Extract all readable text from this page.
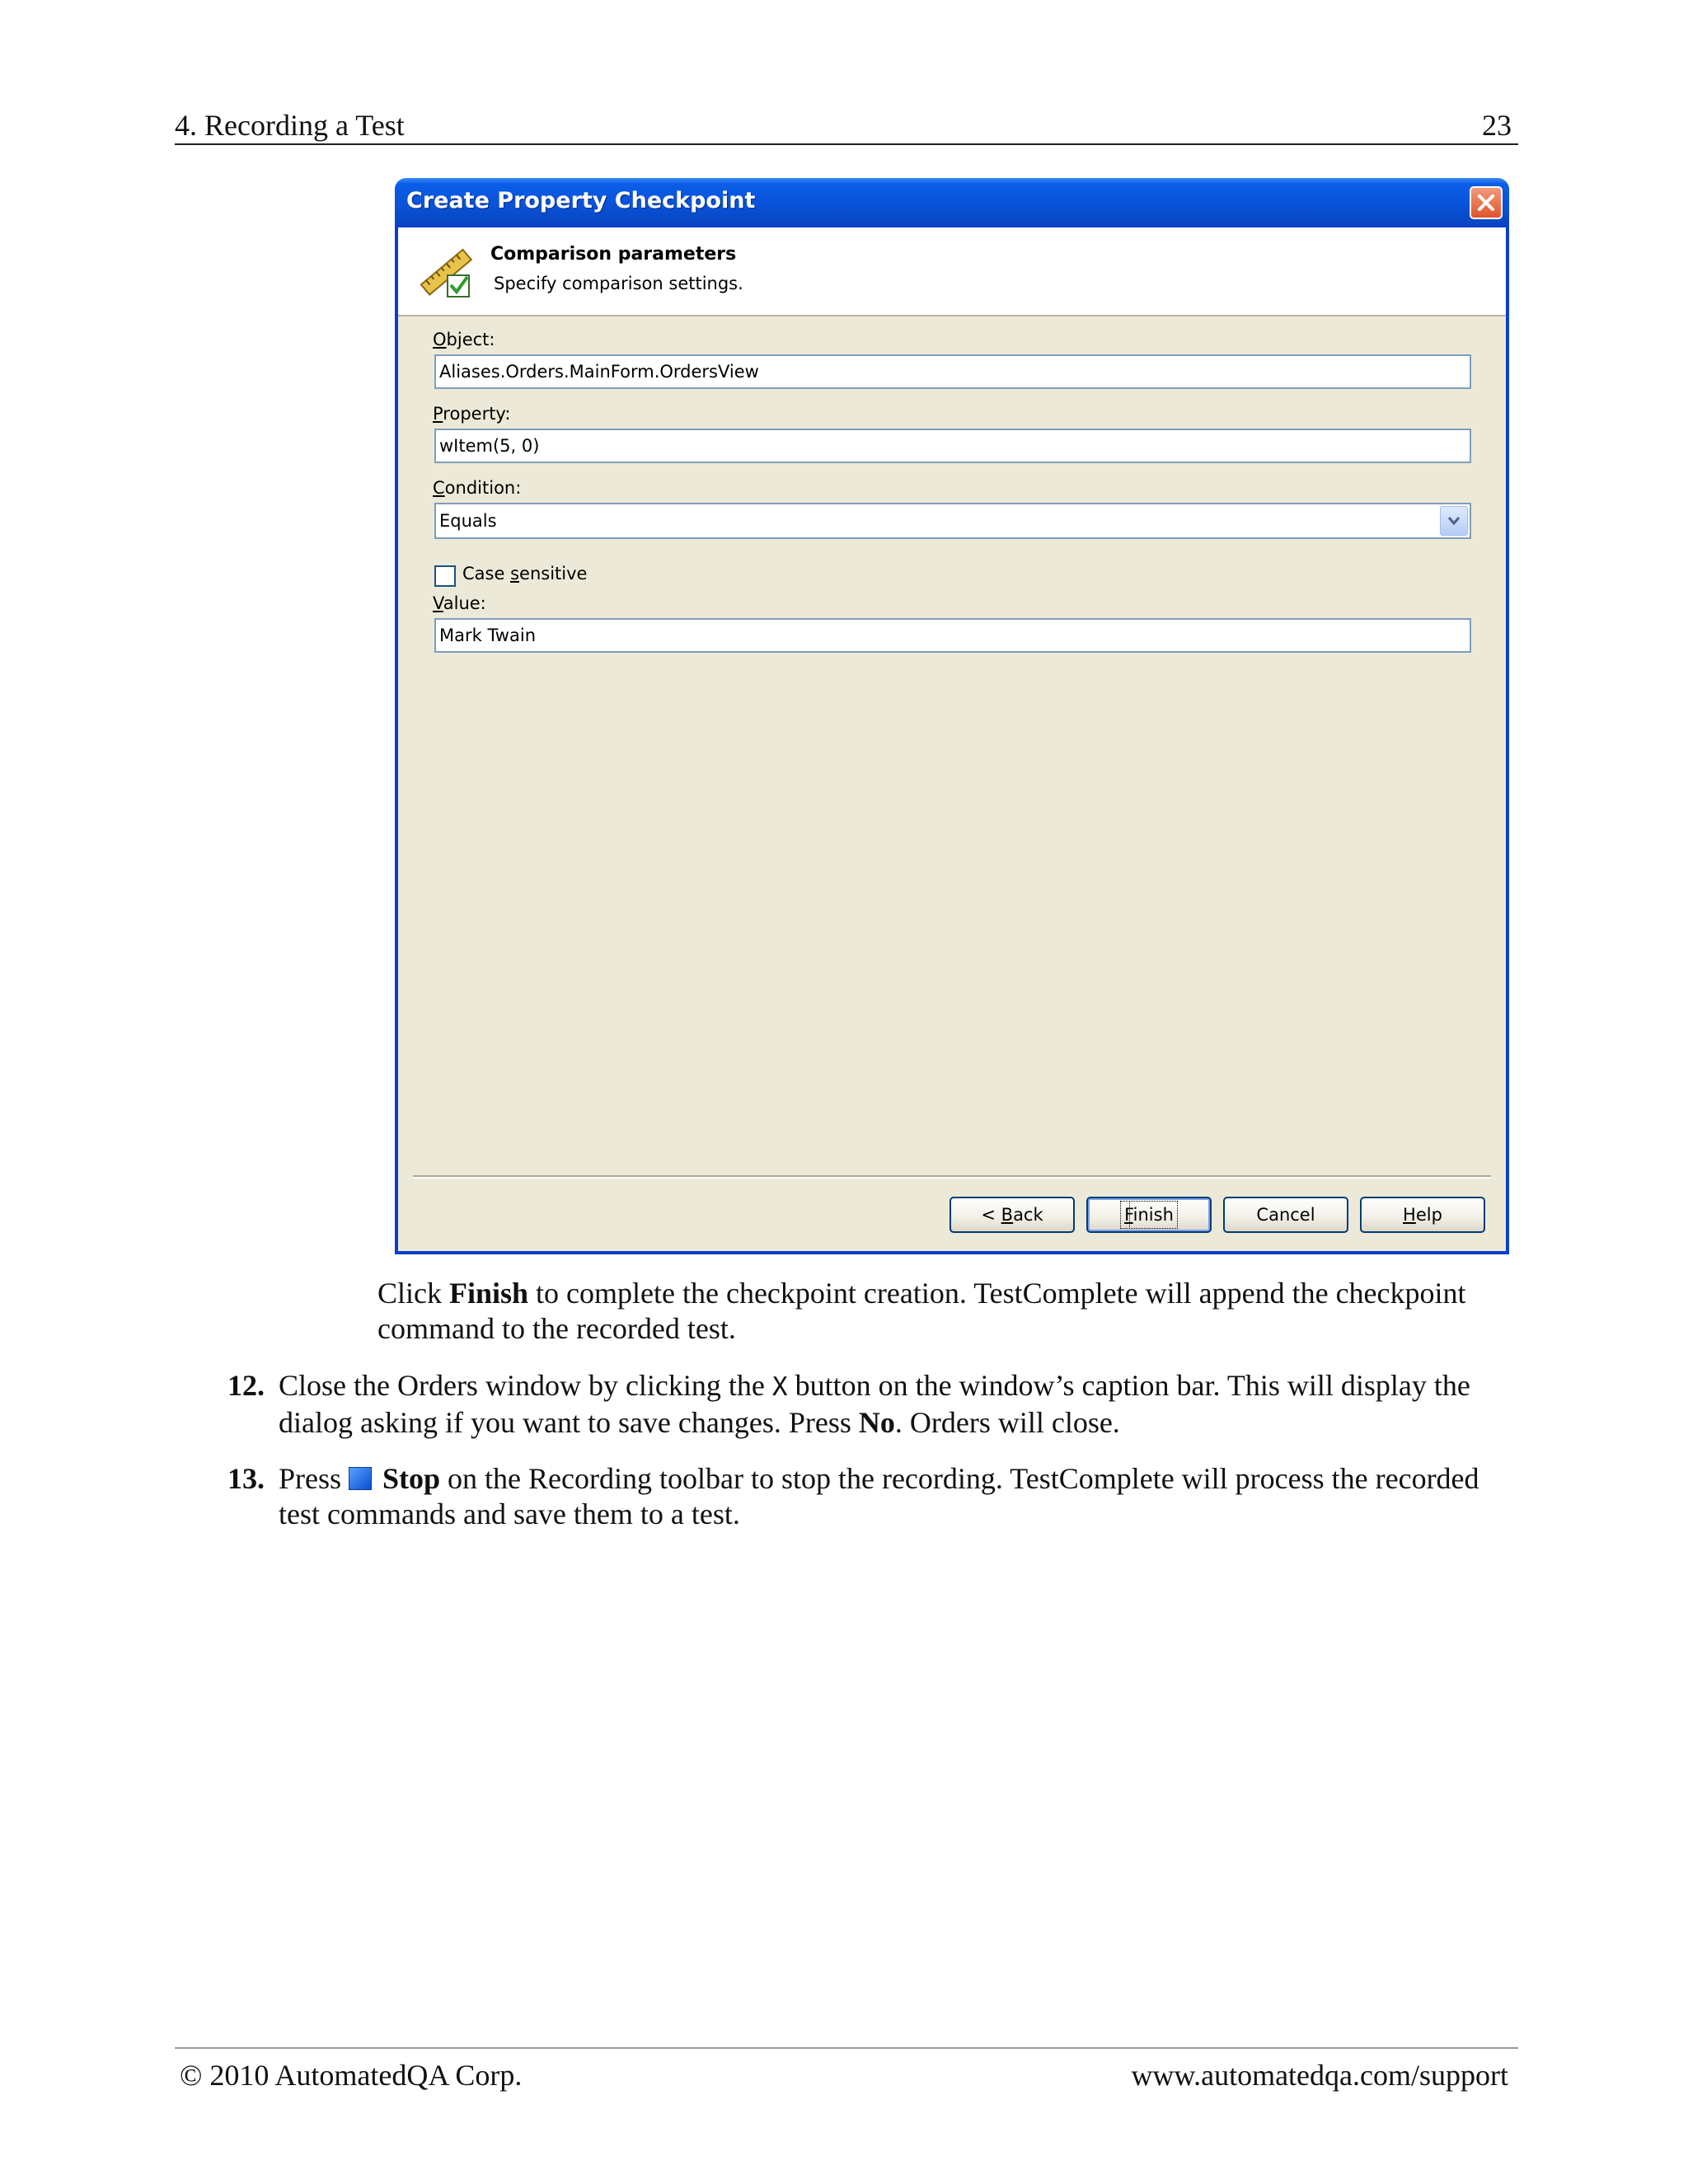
4. Recording a Test	23
Create Property Checkpoint
Comparison parameters
Specify comparison settings.
Object:
Aliases.Orders.MainForm.OrdersView
Property:
wItem(5, 0)
Condition:
Equals
Case sensitive
Value:
Mark Twain
< Back	Finish	Cancel	Help
Click Finish to complete the checkpoint creation. TestComplete will append the checkpoint
command to the recorded test.
12. Close the Orders window by clicking the X button on the window’s caption bar. This will display the
dialog asking if you want to save changes. Press No. Orders will close.
13. Press  Stop on the Recording toolbar to stop the recording. TestComplete will process the recorded
test commands and save them to a test.
© 2010 AutomatedQA Corp.	www.automatedqa.com/support
